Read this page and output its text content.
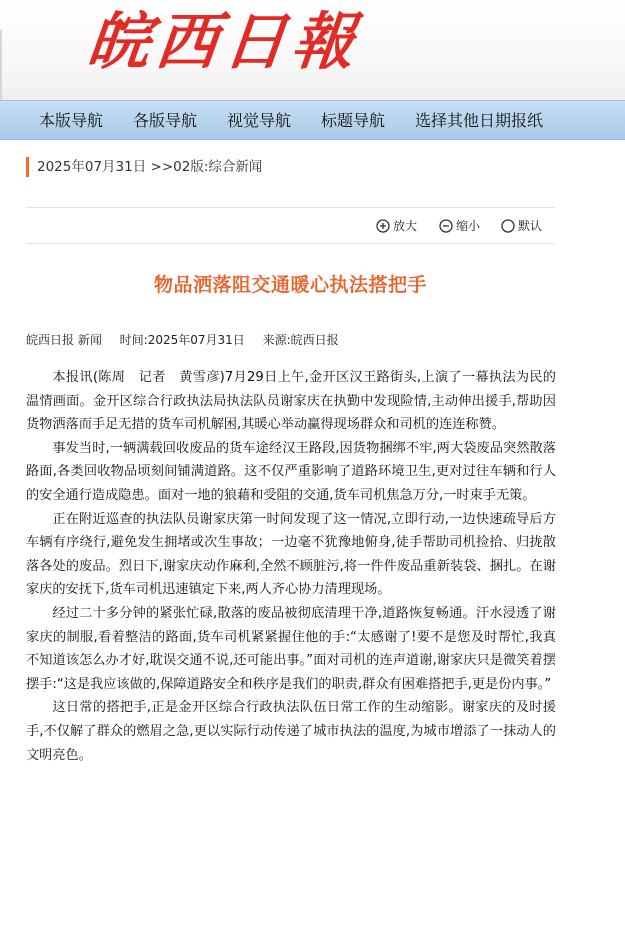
皖西日報
本版导航 各版导航 视觉导航 标题导航 选择其他日期报纸
2025年07月31日 >>02版:综合新闻
放大	缩小	默认
物品洒落阻交通暖心执法搭把手
皖西日报 新闻 时间:2025年07月31日 来源:皖西日报

本报讯(陈周　记者　黄雪彦)7月29日上午,金开区汉王路街头,上演了一幕执法为民的温情画面。金开区综合行政执法局执法队员谢家庆在执勤中发现险情,主动伸出援手,帮助因货物洒落而手足无措的货车司机解困,其暖心举动赢得现场群众和司机的连连称赞。

事发当时,一辆满载回收废品的货车途经汉王路段,因货物捆绑不牢,两大袋废品突然散落路面,各类回收物品顷刻间铺满道路。这不仅严重影响了道路环境卫生,更对过往车辆和行人的安全通行造成隐患。面对一地的狼藉和受阻的交通,货车司机焦急万分,一时束手无策。

正在附近巡查的执法队员谢家庆第一时间发现了这一情况,立即行动,一边快速疏导后方车辆有序绕行,避免发生拥堵或次生事故；一边毫不犹豫地俯身,徒手帮助司机捡拾、归拢散落各处的废品。烈日下,谢家庆动作麻利,全然不顾脏污,将一件件废品重新装袋、捆扎。在谢家庆的安抚下,货车司机迅速镇定下来,两人齐心协力清理现场。

经过二十多分钟的紧张忙碌,散落的废品被彻底清理干净,道路恢复畅通。汗水浸透了谢家庆的制服,看着整洁的路面,货车司机紧紧握住他的手:“太感谢了!要不是您及时帮忙,我真不知道该怎么办才好,耽误交通不说,还可能出事。”面对司机的连声道谢,谢家庆只是微笑着摆摆手:“这是我应该做的,保障道路安全和秩序是我们的职责,群众有困难搭把手,更是份内事。”

这日常的搭把手,正是金开区综合行政执法队伍日常工作的生动缩影。谢家庆的及时援手,不仅解了群众的燃眉之急,更以实际行动传递了城市执法的温度,为城市增添了一抹动人的文明亮色。
